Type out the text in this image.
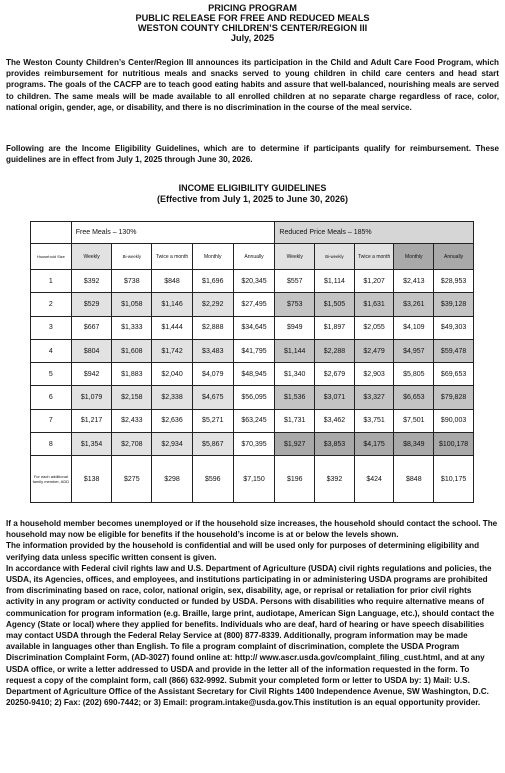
PRICING PROGRAM
PUBLIC RELEASE FOR FREE AND REDUCED MEALS
WESTON COUNTY CHILDREN’S CENTER/REGION III
July, 2025
The Weston County Children’s Center/Region III announces its participation in the Child and Adult Care Food Program, which provides reimbursement for nutritious meals and snacks served to young children in child care centers and head start programs. The goals of the CACFP are to teach good eating habits and assure that well-balanced, nourishing meals are served to children. The same meals will be made available to all enrolled children at no separate charge regardless of race, color, national origin, gender, age, or disability, and there is no discrimination in the course of the meal service.
Following are the Income Eligibility Guidelines, which are to determine if participants qualify for reimbursement. These guidelines are in effect from July 1, 2025 through June 30, 2026.
INCOME ELIGIBILITY GUIDELINES
(Effective from July 1, 2025 to June 30, 2026)
	Free Meals – 130%					Reduced Price Meals – 185%				
Household Size	Weekly	Bi-weekly	Twice a month	Monthly	Annually	Weekly	Bi-weekly	Twice a month	Monthly	Annually
1	$392	$738	$848	$1,696	$20,345	$557	$1,114	$1,207	$2,413	$28,953
2	$529	$1,058	$1,146	$2,292	$27,495	$753	$1,505	$1,631	$3,261	$39,128
3	$667	$1,333	$1,444	$2,888	$34,645	$949	$1,897	$2,055	$4,109	$49,303
4	$804	$1,608	$1,742	$3,483	$41,795	$1,144	$2,288	$2,479	$4,957	$59,478
5	$942	$1,883	$2,040	$4,079	$48,945	$1,340	$2,679	$2,903	$5,805	$69,653
6	$1,079	$2,158	$2,338	$4,675	$56,095	$1,536	$3,071	$3,327	$6,653	$79,828
7	$1,217	$2,433	$2,636	$5,271	$63,245	$1,731	$3,462	$3,751	$7,501	$90,003
8	$1,354	$2,708	$2,934	$5,867	$70,395	$1,927	$3,853	$4,175	$8,349	$100,178
For each additional family member, ADD	$138	$275	$298	$596	$7,150	$196	$392	$424	$848	$10,175
If a household member becomes unemployed or if the household size increases, the household should contact the school. The household may now be eligible for benefits if the household’s income is at or below the levels shown.
The information provided by the household is confidential and will be used only for purposes of determining eligibility and verifying data unless specific written consent is given.
In accordance with Federal civil rights law and U.S. Department of Agriculture (USDA) civil rights regulations and policies, the USDA, its Agencies, offices, and employees, and institutions participating in or administering USDA programs are prohibited from discriminating based on race, color, national origin, sex, disability, age, or reprisal or retaliation for prior civil rights activity in any program or activity conducted or funded by USDA. Persons with disabilities who require alternative means of communication for program information (e.g. Braille, large print, audiotape, American Sign Language, etc.), should contact the Agency (State or local) where they applied for benefits. Individuals who are deaf, hard of hearing or have speech disabilities may contact USDA through the Federal Relay Service at (800) 877-8339. Additionally, program information may be made available in languages other than English. To file a program complaint of discrimination, complete the USDA Program Discrimination Complaint Form, (AD-3027) found online at: http:// www.ascr.usda.gov/complaint_filing_cust.html, and at any USDA office, or write a letter addressed to USDA and provide in the letter all of the information requested in the form. To request a copy of the complaint form, call (866) 632-9992. Submit your completed form or letter to USDA by: 1) Mail: U.S. Department of Agriculture Office of the Assistant Secretary for Civil Rights 1400 Independence Avenue, SW Washington, D.C. 20250-9410; 2) Fax: (202) 690-7442; or 3) Email: program.intake@usda.gov.This institution is an equal opportunity provider.
